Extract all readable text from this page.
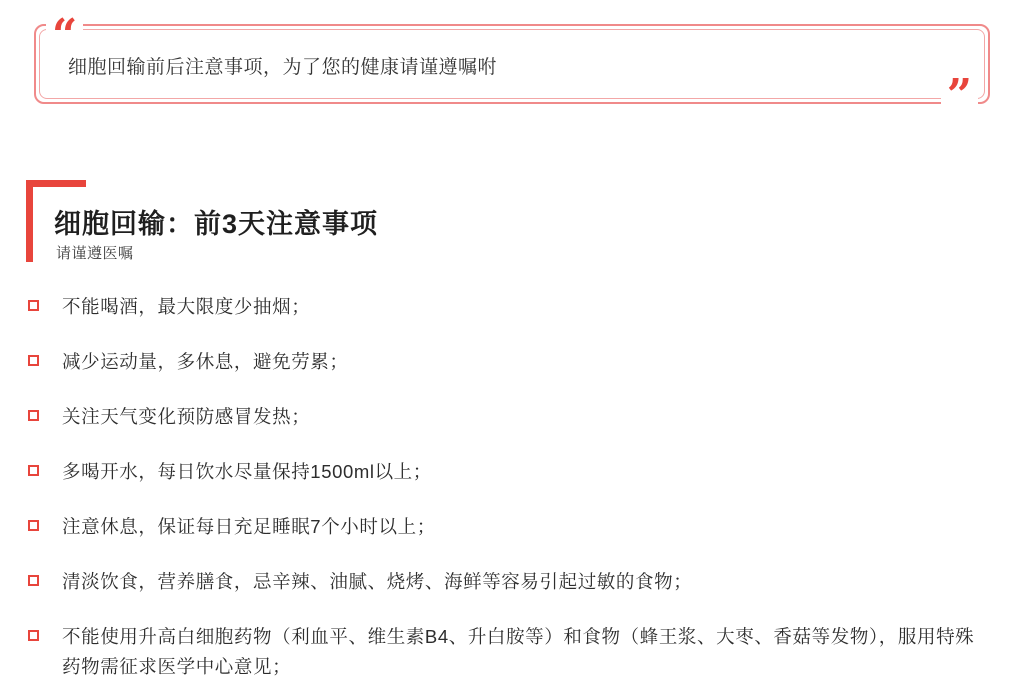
“
”
细胞回输前后注意事项，为了您的健康请谨遵嘱咐
细胞回输：前3天注意事项
请谨遵医嘱
不能喝酒，最大限度少抽烟；
减少运动量，多休息，避免劳累；
关注天气变化预防感冒发热；
多喝开水，每日饮水尽量保持1500ml以上；
注意休息，保证每日充足睡眠7个小时以上；
清淡饮食，营养膳食，忌辛辣、油腻、烧烤、海鲜等容易引起过敏的食物；
不能使用升高白细胞药物（利血平、维生素B4、升白胺等）和食物（蜂王浆、大枣、香菇等发物），服用特殊药物需征求医学中心意见；
